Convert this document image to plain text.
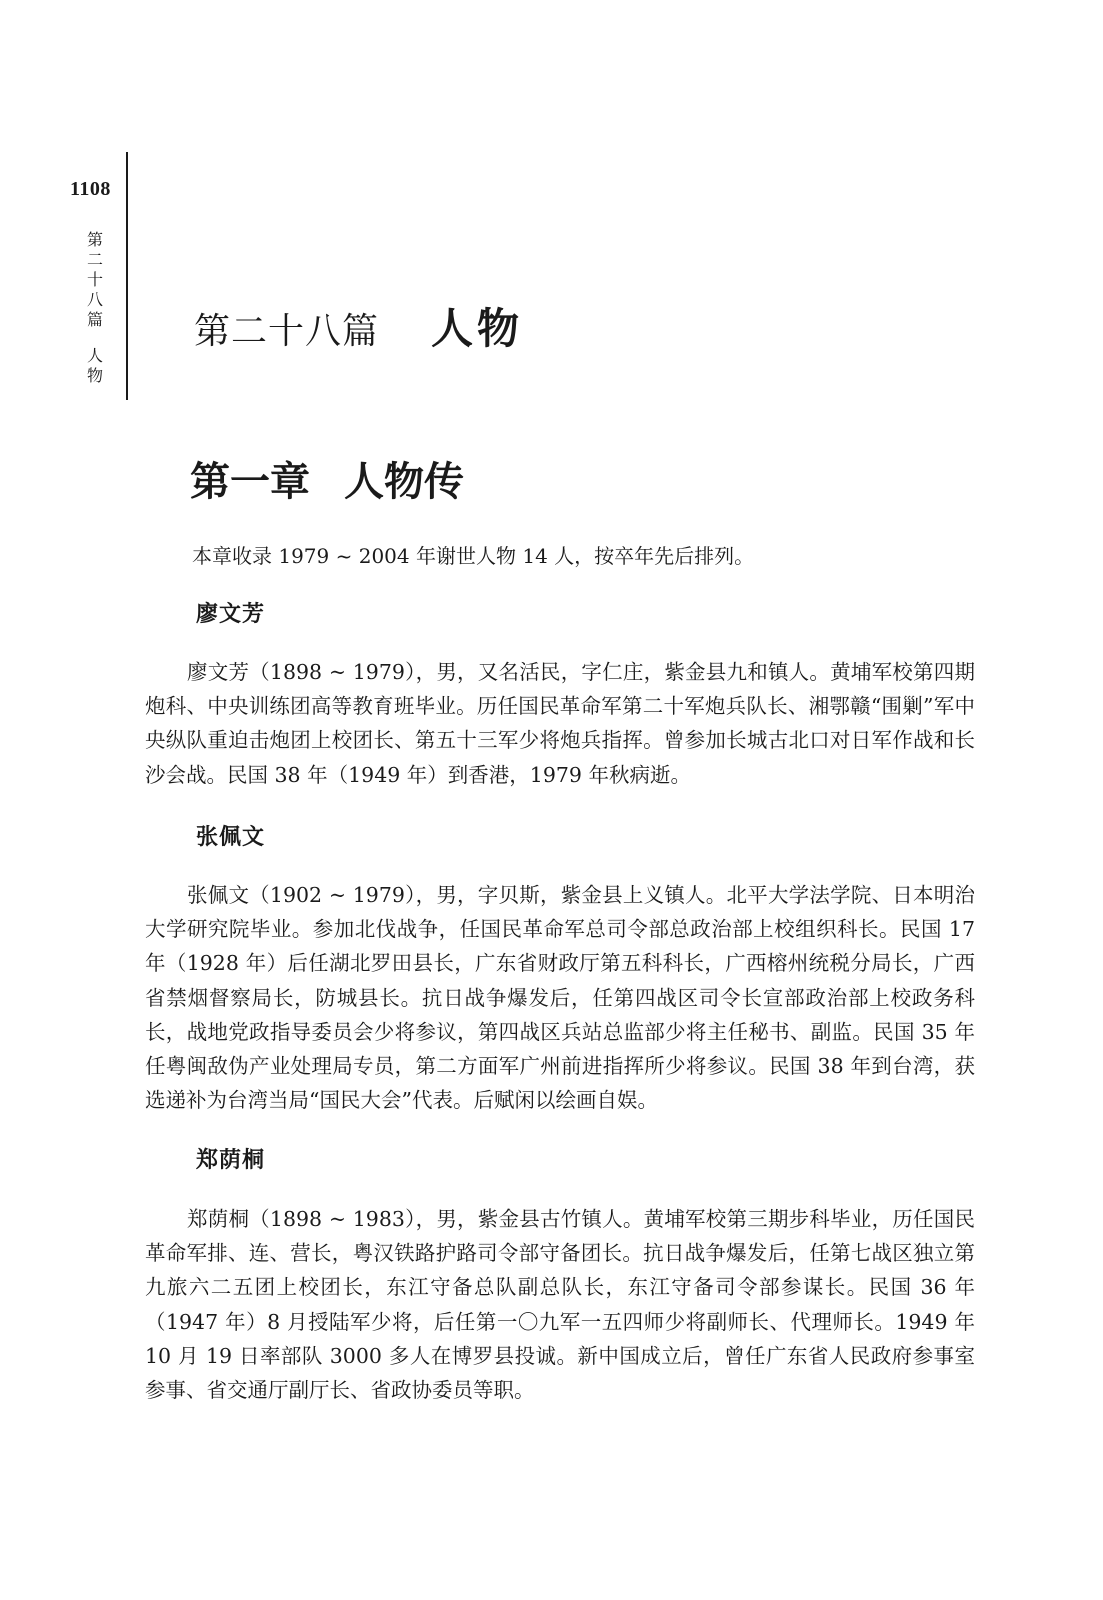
1108
第
二
十
八
篇
人
物
第二十八篇 人物
第一章 人物传
本章收录 1979 ~ 2004 年谢世人物 14 人，按卒年先后排列。
廖文芳

廖文芳（1898 ~ 1979），男，又名活民，字仁庄，紫金县九和镇人。黄埔军校第四期炮科、中央训练团高等教育班毕业。历任国民革命军第二十军炮兵队长、湘鄂赣“围剿”军中央纵队重迫击炮团上校团长、第五十三军少将炮兵指挥。曾参加长城古北口对日军作战和长沙会战。民国 38 年（1949 年）到香港，1979 年秋病逝。

张佩文

张佩文（1902 ~ 1979），男，字贝斯，紫金县上义镇人。北平大学法学院、日本明治大学研究院毕业。参加北伐战争，任国民革命军总司令部总政治部上校组织科长。民国 17 年（1928 年）后任湖北罗田县长，广东省财政厅第五科科长，广西榕州统税分局长，广西省禁烟督察局长，防城县长。抗日战争爆发后，任第四战区司令长宣部政治部上校政务科长，战地党政指导委员会少将参议，第四战区兵站总监部少将主任秘书、副监。民国 35 年任粤闽敌伪产业处理局专员，第二方面军广州前进指挥所少将参议。民国 38 年到台湾，获选递补为台湾当局“国民大会”代表。后赋闲以绘画自娱。

郑荫桐

郑荫桐（1898 ~ 1983），男，紫金县古竹镇人。黄埔军校第三期步科毕业，历任国民革命军排、连、营长，粤汉铁路护路司令部守备团长。抗日战争爆发后，任第七战区独立第九旅六二五团上校团长，东江守备总队副总队长，东江守备司令部参谋长。民国 36 年（1947 年）8 月授陆军少将，后任第一〇九军一五四师少将副师长、代理师长。1949 年 10 月 19 日率部队 3000 多人在博罗县投诚。新中国成立后，曾任广东省人民政府参事室参事、省交通厅副厅长、省政协委员等职。
